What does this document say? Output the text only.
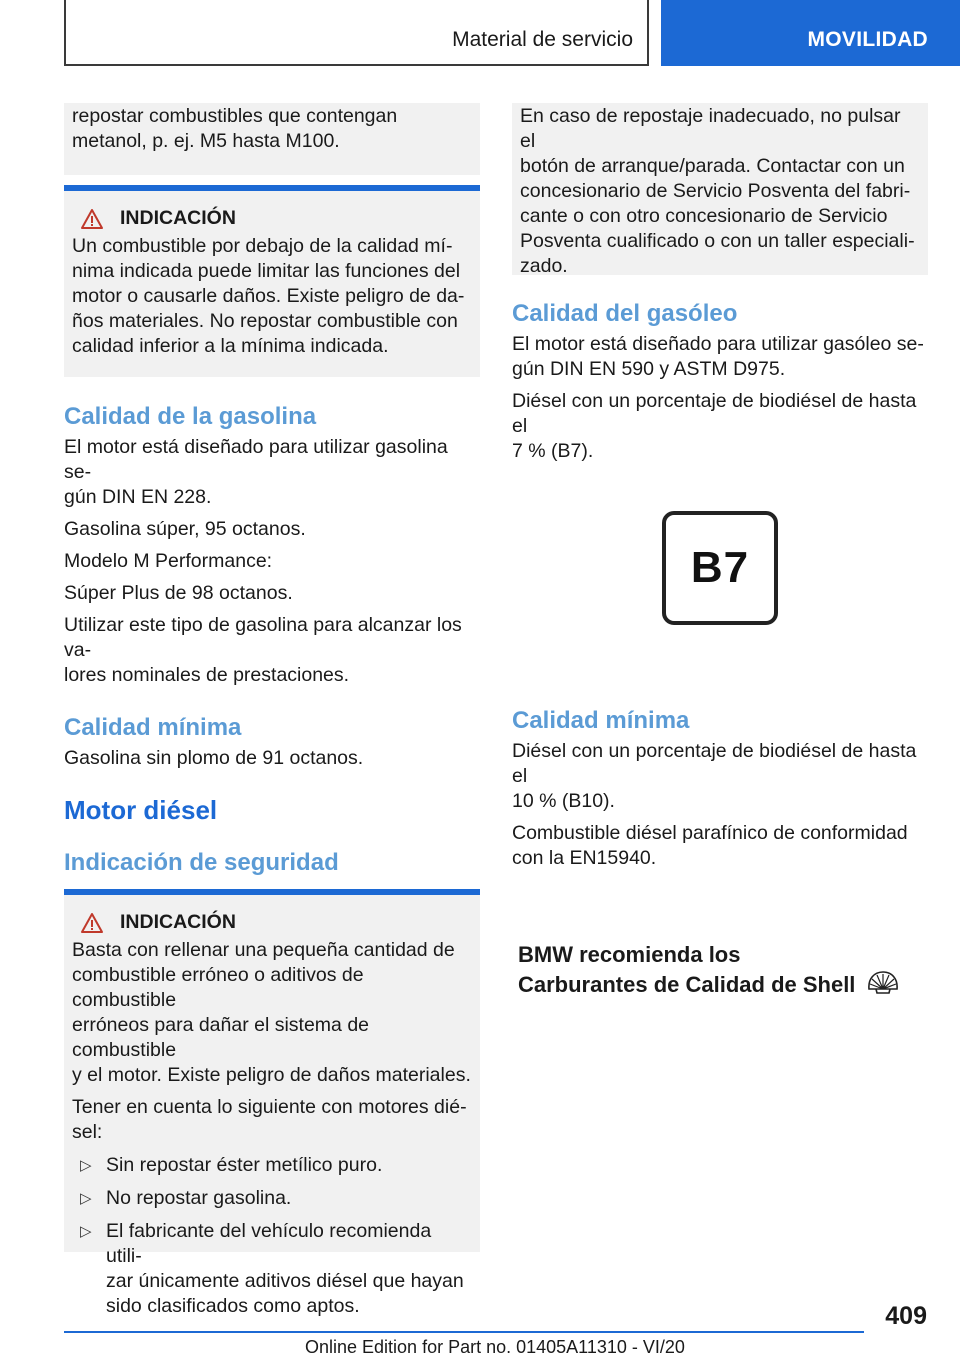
Material de servicio	MOVILIDAD
repostar combustibles que contengan metanol, p. ej. M5 hasta M100.
INDICACIÓN
Un combustible por debajo de la calidad mí-
nima indicada puede limitar las funciones del
motor o causarle daños. Existe peligro de da-
ños materiales. No repostar combustible con
calidad inferior a la mínima indicada.
Calidad de la gasolina
El motor está diseñado para utilizar gasolina se-
gún DIN EN 228.
Gasolina súper, 95 octanos.
Modelo M Performance:
Súper Plus de 98 octanos.
Utilizar este tipo de gasolina para alcanzar los va-
lores nominales de prestaciones.
Calidad mínima
Gasolina sin plomo de 91 octanos.
Motor diésel
Indicación de seguridad
INDICACIÓN
Basta con rellenar una pequeña cantidad de
combustible erróneo o aditivos de combustible
erróneos para dañar el sistema de combustible
y el motor. Existe peligro de daños materiales.
Tener en cuenta lo siguiente con motores dié-
sel:
▷ Sin repostar éster metílico puro.
▷ No repostar gasolina.
▷ El fabricante del vehículo recomienda utili-
zar únicamente aditivos diésel que hayan
sido clasificados como aptos.
En caso de repostaje inadecuado, no pulsar el
botón de arranque/parada. Contactar con un
concesionario de Servicio Posventa del fabri-
cante o con otro concesionario de Servicio
Posventa cualificado o con un taller especiali-
zado.
Calidad del gasóleo
El motor está diseñado para utilizar gasóleo se-
gún DIN EN 590 y ASTM D975.
Diésel con un porcentaje de biodiésel de hasta el
7 % (B7).
B7
Calidad mínima
Diésel con un porcentaje de biodiésel de hasta el
10 % (B10).
Combustible diésel parafínico de conformidad
con la EN15940.
BMW recomienda los
Carburantes de Calidad de Shell
409
Online Edition for Part no. 01405A11310 - VI/20
